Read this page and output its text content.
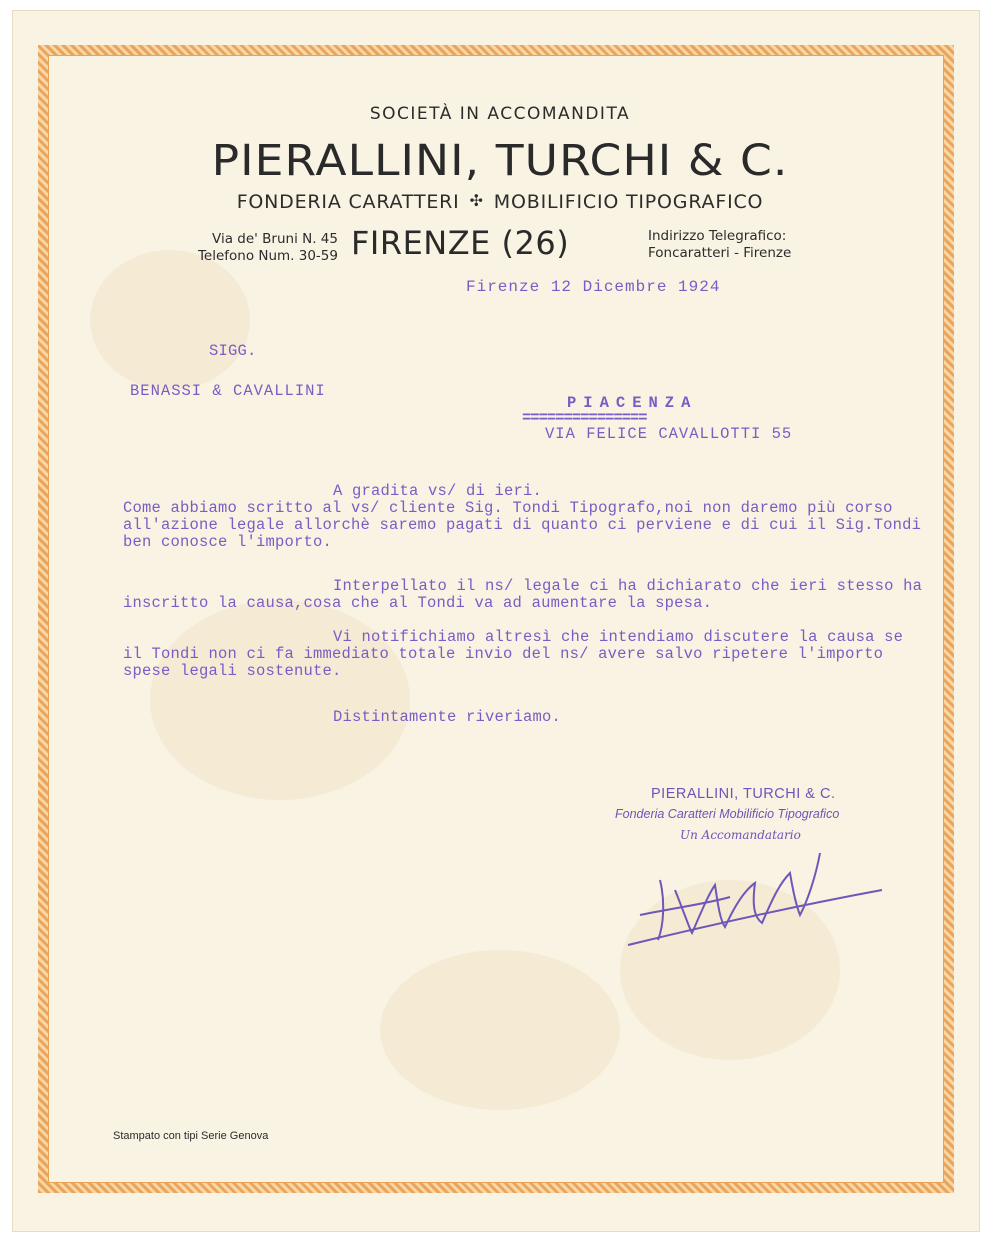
SOCIETÀ IN ACCOMANDITA
PIERALLINI, TURCHI & C.
FONDERIA CARATTERI ✣ MOBILIFICIO TIPOGRAFICO
Via de' Bruni N. 45
Telefono Num. 30-59 FIRENZE (26)	Indirizzo Telegrafico:
Foncaratteri - Firenze
Firenze 12 Dicembre 1924
SIGG.
BENASSI & CAVALLINI
PIACENZA
===============
VIA FELICE CAVALLOTTI 55
A gradita vs/ di ieri.
Come abbiamo scritto al vs/ cliente Sig. Tondi Tipografo,noi non daremo più corso all'azione legale allorchè saremo pagati di quanto ci perviene e di cui il Sig.Tondi ben conosce l'importo.
Interpellato il ns/ legale ci ha dichiarato che ieri stesso ha inscritto la causa,cosa che al Tondi va ad aumentare la spesa.
Vi notifichiamo altresì che intendiamo discutere la causa se il Tondi non ci fa immediato totale invio del ns/ avere salvo ripetere l'importo spese legali sostenute.
Distintamente riveriamo.
PIERALLINI, TURCHI & C.
Fonderia Caratteri Mobilificio Tipografico
Un Accomandatario
Stampato con tipi Serie Genova
